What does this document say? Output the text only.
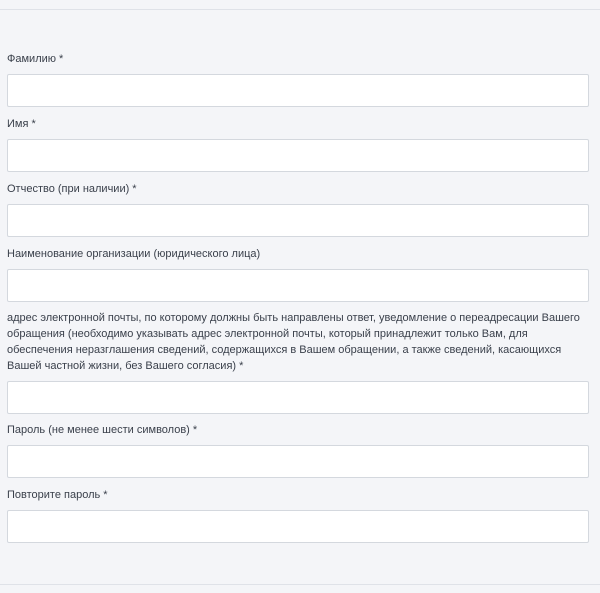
Фамилию *
Имя *
Отчество (при наличии) *
Наименование организации (юридического лица)
адрес электронной почты, по которому должны быть направлены ответ, уведомление о переадресации Вашего обращения (необходимо указывать адрес электронной почты, который принадлежит только Вам, для обеспечения неразглашения сведений, содержащихся в Вашем обращении, а также сведений, касающихся Вашей частной жизни, без Вашего согласия) *
Пароль (не менее шести символов) *
Повторите пароль *
